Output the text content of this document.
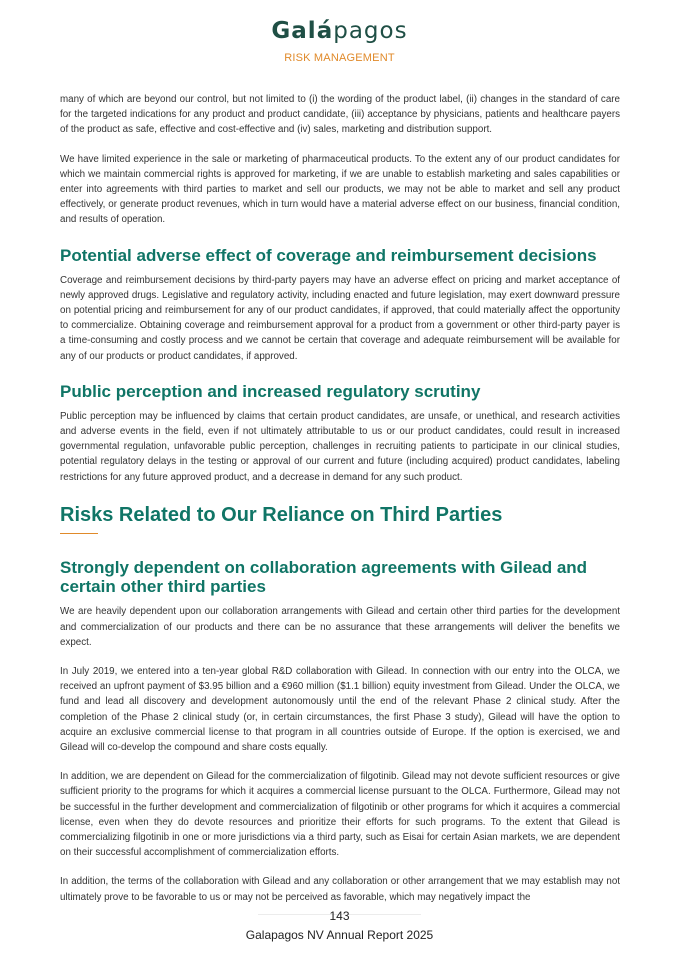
Galápagos
RISK MANAGEMENT

many of which are beyond our control, but not limited to (i) the wording of the product label, (ii) changes in the standard of care for the targeted indications for any product and product candidate, (iii) acceptance by physicians, patients and healthcare payers of the product as safe, effective and cost-effective and (iv) sales, marketing and distribution support.

We have limited experience in the sale or marketing of pharmaceutical products. To the extent any of our product candidates for which we maintain commercial rights is approved for marketing, if we are unable to establish marketing and sales capabilities or enter into agreements with third parties to market and sell our products, we may not be able to market and sell any product effectively, or generate product revenues, which in turn would have a material adverse effect on our business, financial condition, and results of operation.

Potential adverse effect of coverage and reimbursement decisions

Coverage and reimbursement decisions by third-party payers may have an adverse effect on pricing and market acceptance of newly approved drugs. Legislative and regulatory activity, including enacted and future legislation, may exert downward pressure on potential pricing and reimbursement for any of our product candidates, if approved, that could materially affect the opportunity to commercialize. Obtaining coverage and reimbursement approval for a product from a government or other third-party payer is a time-consuming and costly process and we cannot be certain that coverage and adequate reimbursement will be available for any of our products or product candidates, if approved.

Public perception and increased regulatory scrutiny

Public perception may be influenced by claims that certain product candidates, are unsafe, or unethical, and research activities and adverse events in the field, even if not ultimately attributable to us or our product candidates, could result in increased governmental regulation, unfavorable public perception, challenges in recruiting patients to participate in our clinical studies, potential regulatory delays in the testing or approval of our current and future (including acquired) product candidates, labeling restrictions for any future approved product, and a decrease in demand for any such product.

Risks Related to Our Reliance on Third Parties
Strongly dependent on collaboration agreements with Gilead and certain other third parties

We are heavily dependent upon our collaboration arrangements with Gilead and certain other third parties for the development and commercialization of our products and there can be no assurance that these arrangements will deliver the benefits we expect.

In July 2019, we entered into a ten-year global R&D collaboration with Gilead. In connection with our entry into the OLCA, we received an upfront payment of $3.95 billion and a €960 million ($1.1 billion) equity investment from Gilead. Under the OLCA, we fund and lead all discovery and development autonomously until the end of the relevant Phase 2 clinical study. After the completion of the Phase 2 clinical study (or, in certain circumstances, the first Phase 3 study), Gilead will have the option to acquire an exclusive commercial license to that program in all countries outside of Europe. If the option is exercised, we and Gilead will co-develop the compound and share costs equally.

In addition, we are dependent on Gilead for the commercialization of filgotinib. Gilead may not devote sufficient resources or give sufficient priority to the programs for which it acquires a commercial license pursuant to the OLCA. Furthermore, Gilead may not be successful in the further development and commercialization of filgotinib or other programs for which it acquires a commercial license, even when they do devote resources and prioritize their efforts for such programs. To the extent that Gilead is commercializing filgotinib in one or more jurisdictions via a third party, such as Eisai for certain Asian markets, we are dependent on their successful accomplishment of commercialization efforts.

In addition, the terms of the collaboration with Gilead and any collaboration or other arrangement that we may establish may not ultimately prove to be favorable to us or may not be perceived as favorable, which may negatively impact the

143
Galapagos NV Annual Report 2025
